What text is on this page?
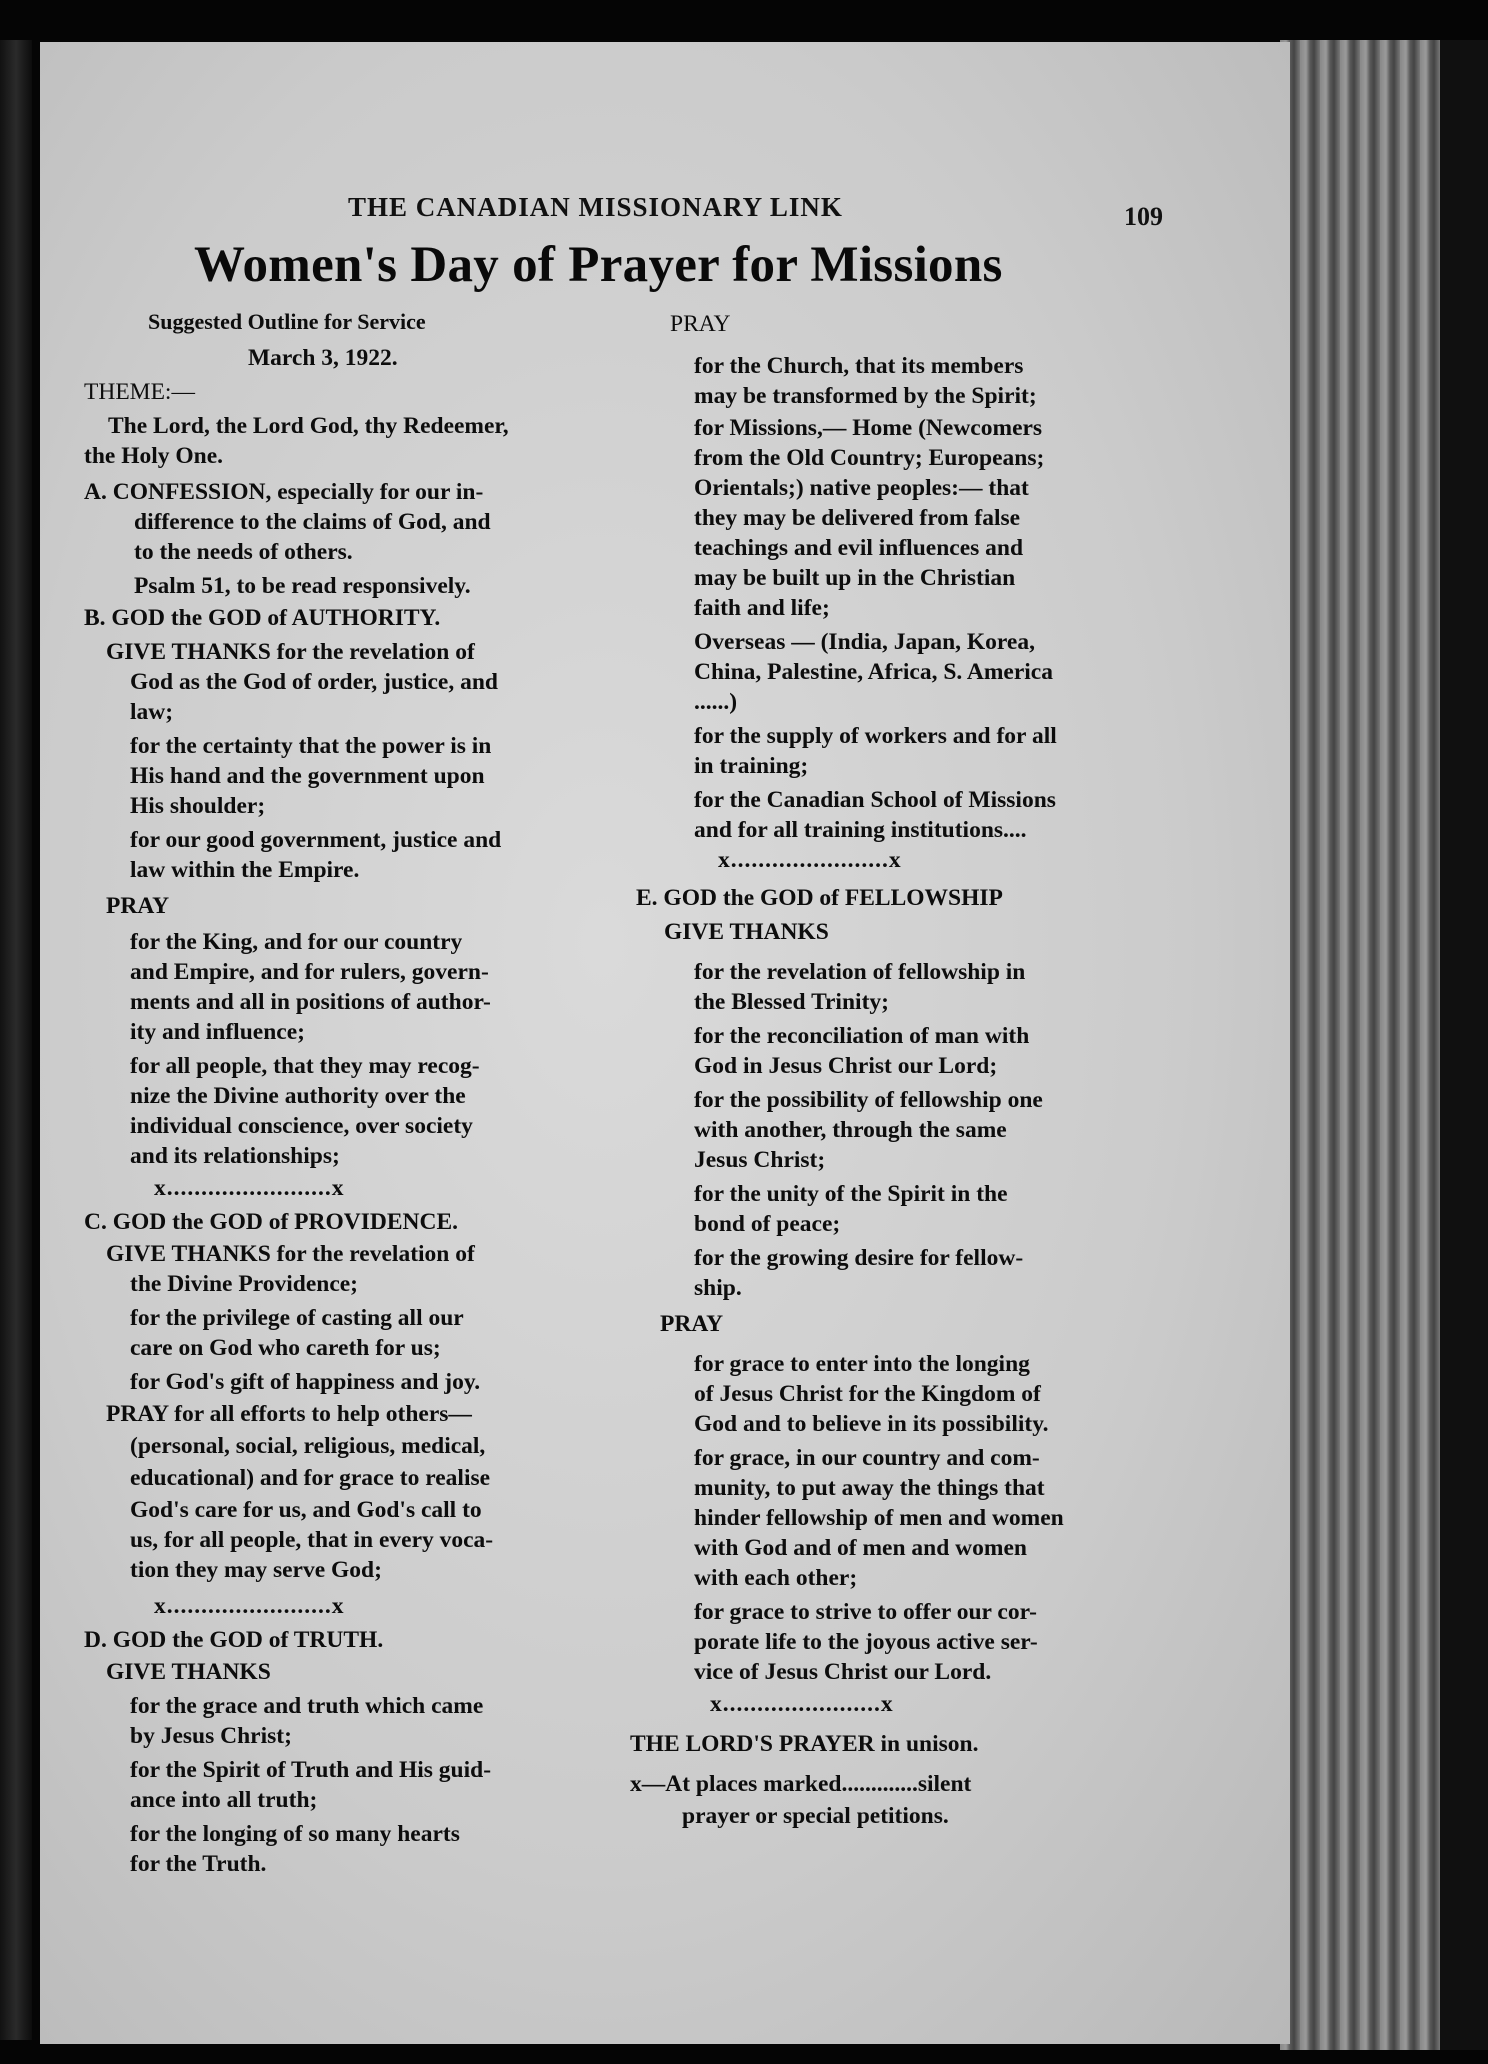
THE CANADIAN MISSIONARY LINK	109
Women's Day of Prayer for Missions
Suggested Outline for Service
March 3, 1922.
THEME:—
The Lord, the Lord God, thy Redeemer,
the Holy One.
A. CONFESSION, especially for our in-
difference to the claims of God, and
to the needs of others.
Psalm 51, to be read responsively.
B. GOD the GOD of AUTHORITY.
GIVE THANKS for the revelation of
God as the God of order, justice, and
law;
for the certainty that the power is in
His hand and the government upon
His shoulder;
for our good government, justice and
law within the Empire.
PRAY
for the King, and for our country
and Empire, and for rulers, govern-
ments and all in positions of author-
ity and influence;
for all people, that they may recog-
nize the Divine authority over the
individual conscience, over society
and its relationships;
x........................x
C. GOD the GOD of PROVIDENCE.
GIVE THANKS for the revelation of
the Divine Providence;
for the privilege of casting all our
care on God who careth for us;
for God's gift of happiness and joy.
PRAY for all efforts to help others—
(personal, social, religious, medical,
educational) and for grace to realise
God's care for us, and God's call to
us, for all people, that in every voca-
tion they may serve God;
x........................x
D. GOD the GOD of TRUTH.
GIVE THANKS
for the grace and truth which came
by Jesus Christ;
for the Spirit of Truth and His guid-
ance into all truth;
for the longing of so many hearts
for the Truth.
PRAY
for the Church, that its members
may be transformed by the Spirit;
for Missions,— Home (Newcomers
from the Old Country; Europeans;
Orientals;) native peoples:— that
they may be delivered from false
teachings and evil influences and
may be built up in the Christian
faith and life;
Overseas — (India, Japan, Korea,
China, Palestine, Africa, S. America
......)
for the supply of workers and for all
in training;
for the Canadian School of Missions
and for all training institutions....
x.......................x
E. GOD the GOD of FELLOWSHIP
GIVE THANKS
for the revelation of fellowship in
the Blessed Trinity;
for the reconciliation of man with
God in Jesus Christ our Lord;
for the possibility of fellowship one
with another, through the same
Jesus Christ;
for the unity of the Spirit in the
bond of peace;
for the growing desire for fellow-
ship.
PRAY
for grace to enter into the longing
of Jesus Christ for the Kingdom of
God and to believe in its possibility.
for grace, in our country and com-
munity, to put away the things that
hinder fellowship of men and women
with God and of men and women
with each other;
for grace to strive to offer our cor-
porate life to the joyous active ser-
vice of Jesus Christ our Lord.
x.......................x
THE LORD'S PRAYER in unison.
x—At places marked.............silent
prayer or special petitions.
